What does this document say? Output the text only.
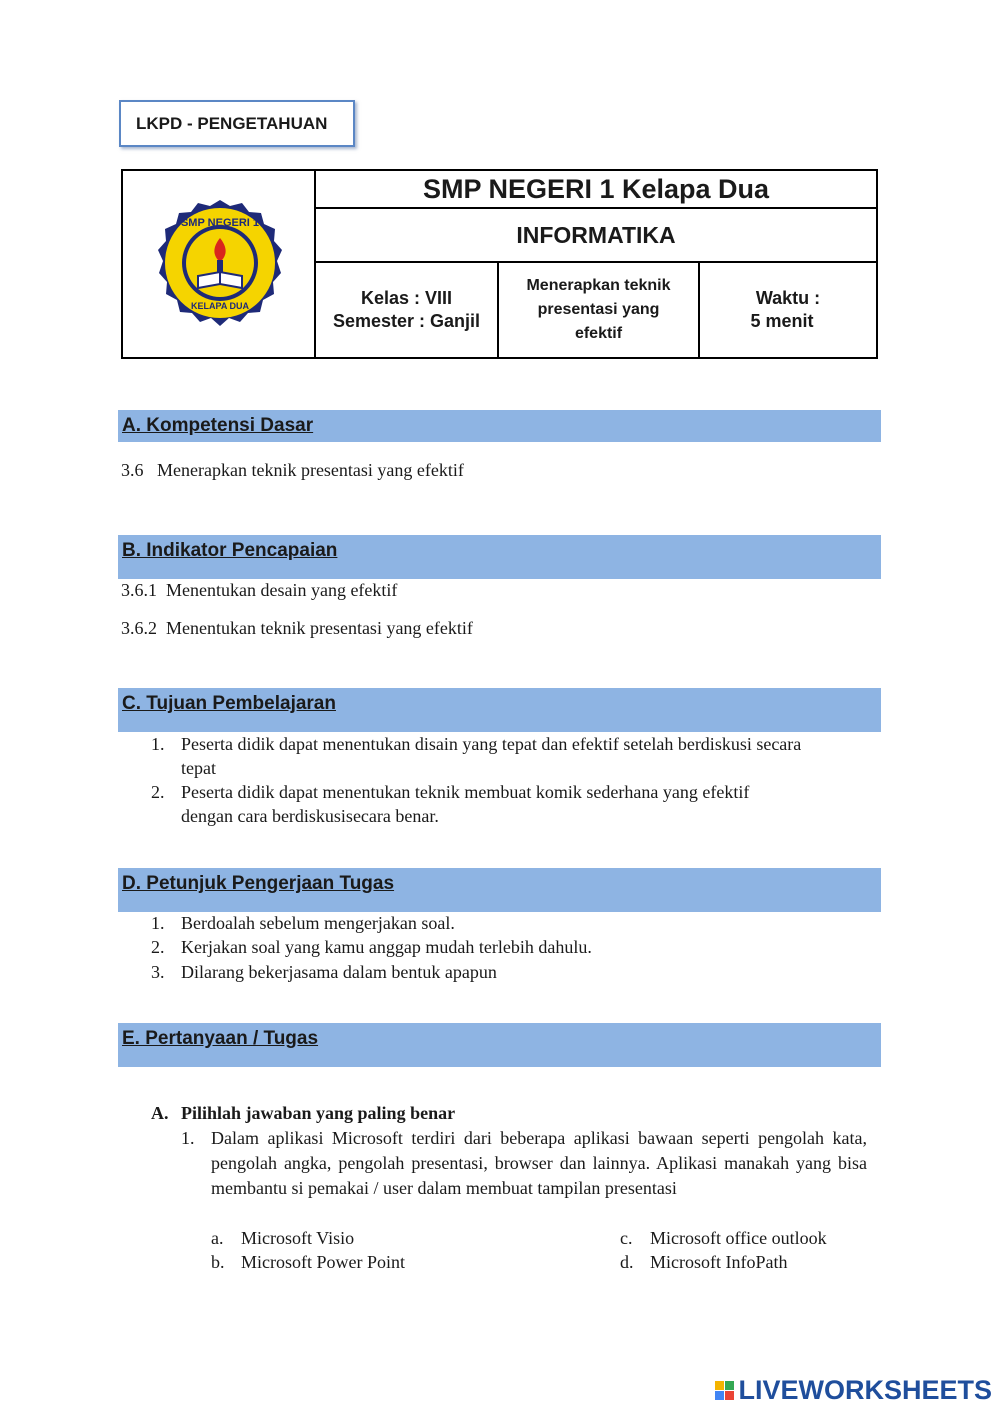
LKPD - PENGETAHUAN
SMP NEGERI 1
KELAPA DUA
SMP NEGERI 1 Kelapa Dua
INFORMATIKA
Kelas : VIII
Semester : Ganjil
Menerapkan teknik
presentasi yang
efektif
Waktu :
5 menit
A. Kompetensi Dasar
3.6 Menerapkan teknik presentasi yang efektif
B. Indikator Pencapaian
3.6.1 Menentukan desain yang efektif
3.6.2 Menentukan teknik presentasi yang efektif
C. Tujuan Pembelajaran
1. Peserta didik dapat menentukan disain yang tepat dan efektif setelah berdiskusi secara
tepat
2. Peserta didik dapat menentukan teknik membuat komik sederhana yang efektif
dengan cara berdiskusisecara benar.
D. Petunjuk Pengerjaan Tugas
1. Berdoalah sebelum mengerjakan soal.
2. Kerjakan soal yang kamu anggap mudah terlebih dahulu.
3. Dilarang bekerjasama dalam bentuk apapun
E. Pertanyaan / Tugas
A. Pilihlah jawaban yang paling benar
1. Dalam aplikasi Microsoft terdiri dari beberapa aplikasi bawaan seperti pengolah kata, pengolah angka, pengolah presentasi, browser dan lainnya. Aplikasi manakah yang bisa membantu si pemakai / user dalam membuat tampilan presentasi
a. Microsoft Visio
b. Microsoft Power Point
c. Microsoft office outlook
d. Microsoft InfoPath
LIVEWORKSHEETS
